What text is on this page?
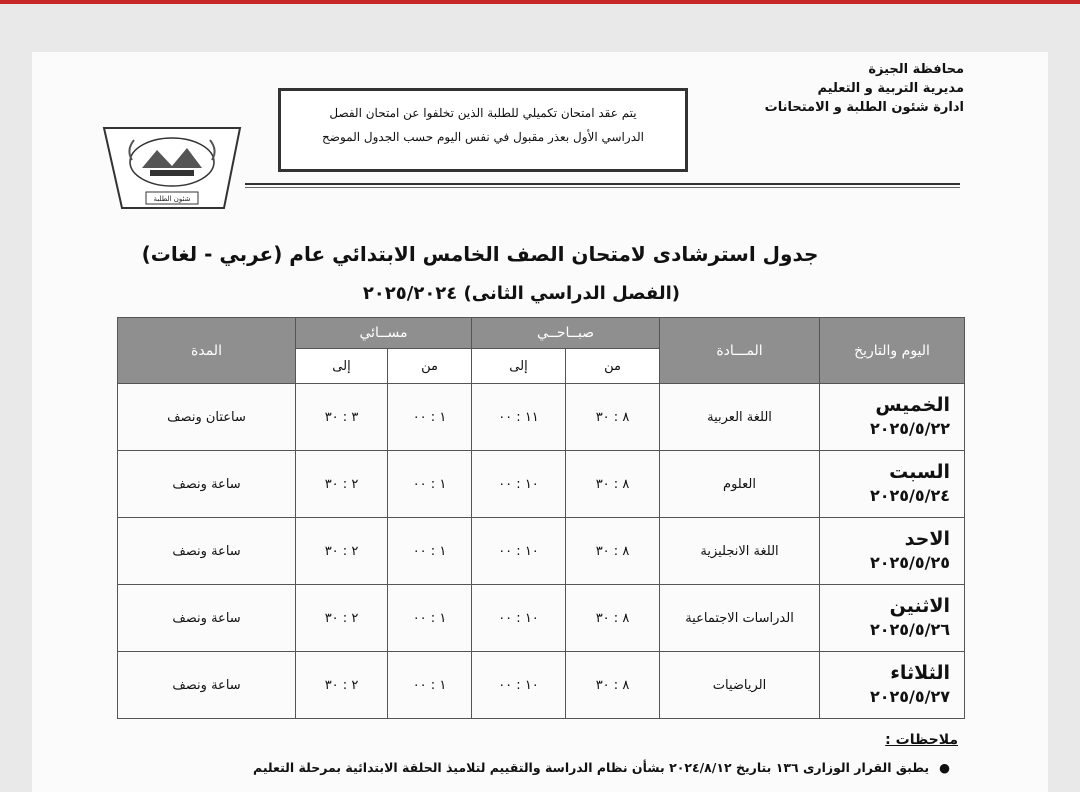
محافظة الجيزة
مديرية التربية و التعليم
ادارة شئون الطلبة و الامتحانات
يتم عقد امتحان تكميلي للطلبة الذين تخلفوا عن امتحان الفصل
الدراسي الأول بعذر مقبول في نفس اليوم حسب الجدول الموضح
شئون الطلبة
جدول استرشادى لامتحان الصف الخامس الابتدائي عام (عربي - لغات)
(الفصل الدراسي الثانى) ٢٠٢٥/٢٠٢٤
اليوم والتاريخ	المـــادة	صبــاحــي		مســائي		المدة
		من	إلى	من	إلى	

الخميس
٢٠٢٥/٥/٢٢	اللغة العربية	٨ : ٣٠	١١ : ٠٠	١ : ٠٠	٣ : ٣٠	ساعتان ونصف

السبت
٢٠٢٥/٥/٢٤	العلوم	٨ : ٣٠	١٠ : ٠٠	١ : ٠٠	٢ : ٣٠	ساعة ونصف

الاحد
٢٠٢٥/٥/٢٥	اللغة الانجليزية	٨ : ٣٠	١٠ : ٠٠	١ : ٠٠	٢ : ٣٠	ساعة ونصف

الاثنين
٢٠٢٥/٥/٢٦	الدراسات الاجتماعية	٨ : ٣٠	١٠ : ٠٠	١ : ٠٠	٢ : ٣٠	ساعة ونصف

الثلاثاء
٢٠٢٥/٥/٢٧	الرياضيات	٨ : ٣٠	١٠ : ٠٠	١ : ٠٠	٢ : ٣٠	ساعة ونصف
ملاحظات :
●يطبق القرار الوزارى ١٣٦ بتاريخ ٢٠٢٤/٨/١٢ بشأن نظام الدراسة والتقييم لتلاميذ الحلقة الابتدائية بمرحلة التعليم
